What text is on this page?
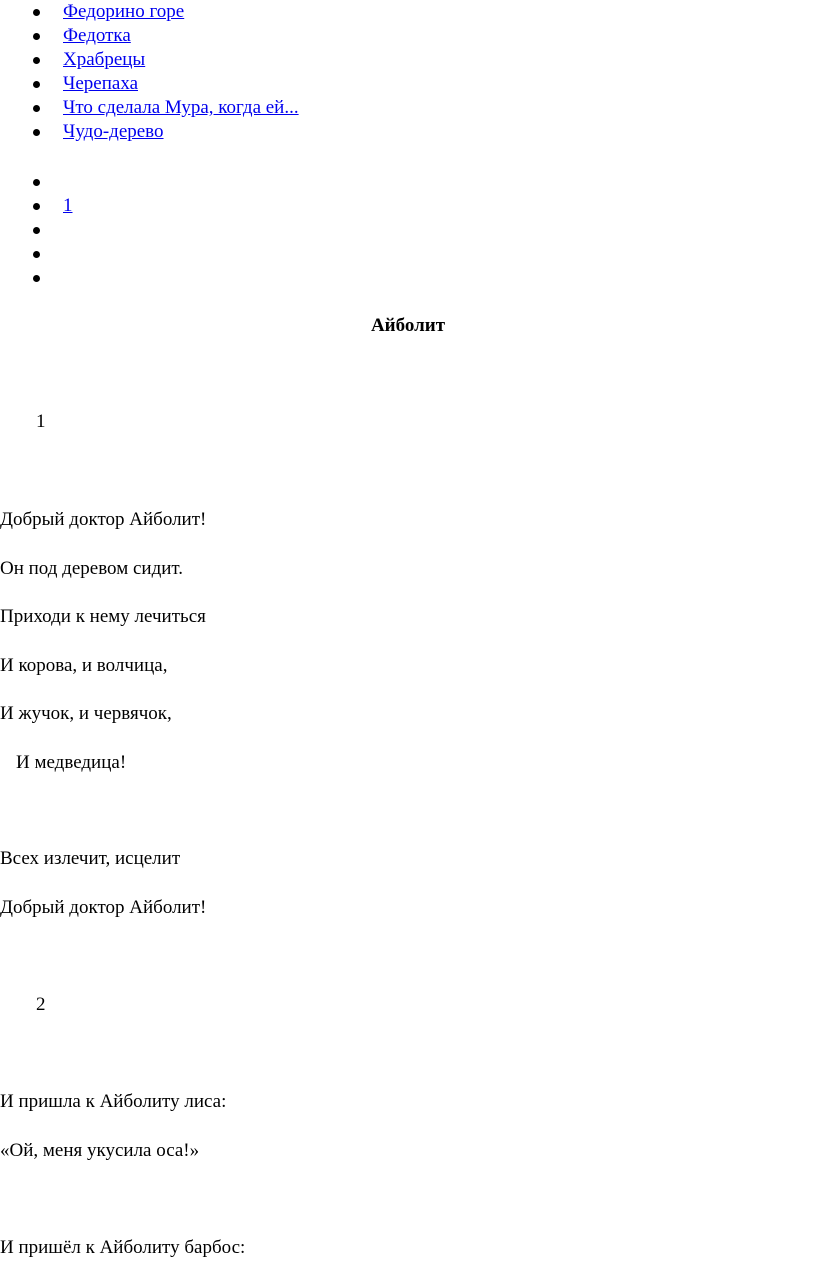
Федорино горе
Федотка
Храбрецы
Черепаха
Что сделала Мура, когда ей...
Чудо-дерево
1
Айболит
1
Добрый доктор Айболит!
Он под деревом сидит.
Приходи к нему лечиться
И корова, и волчица,
И жучок, и червячок,
И медведица!
Всех излечит, исцелит
Добрый доктор Айболит!
2
И пришла к Айболиту лиса:
«Ой, меня укусила оса!»
И пришёл к Айболиту барбос:
